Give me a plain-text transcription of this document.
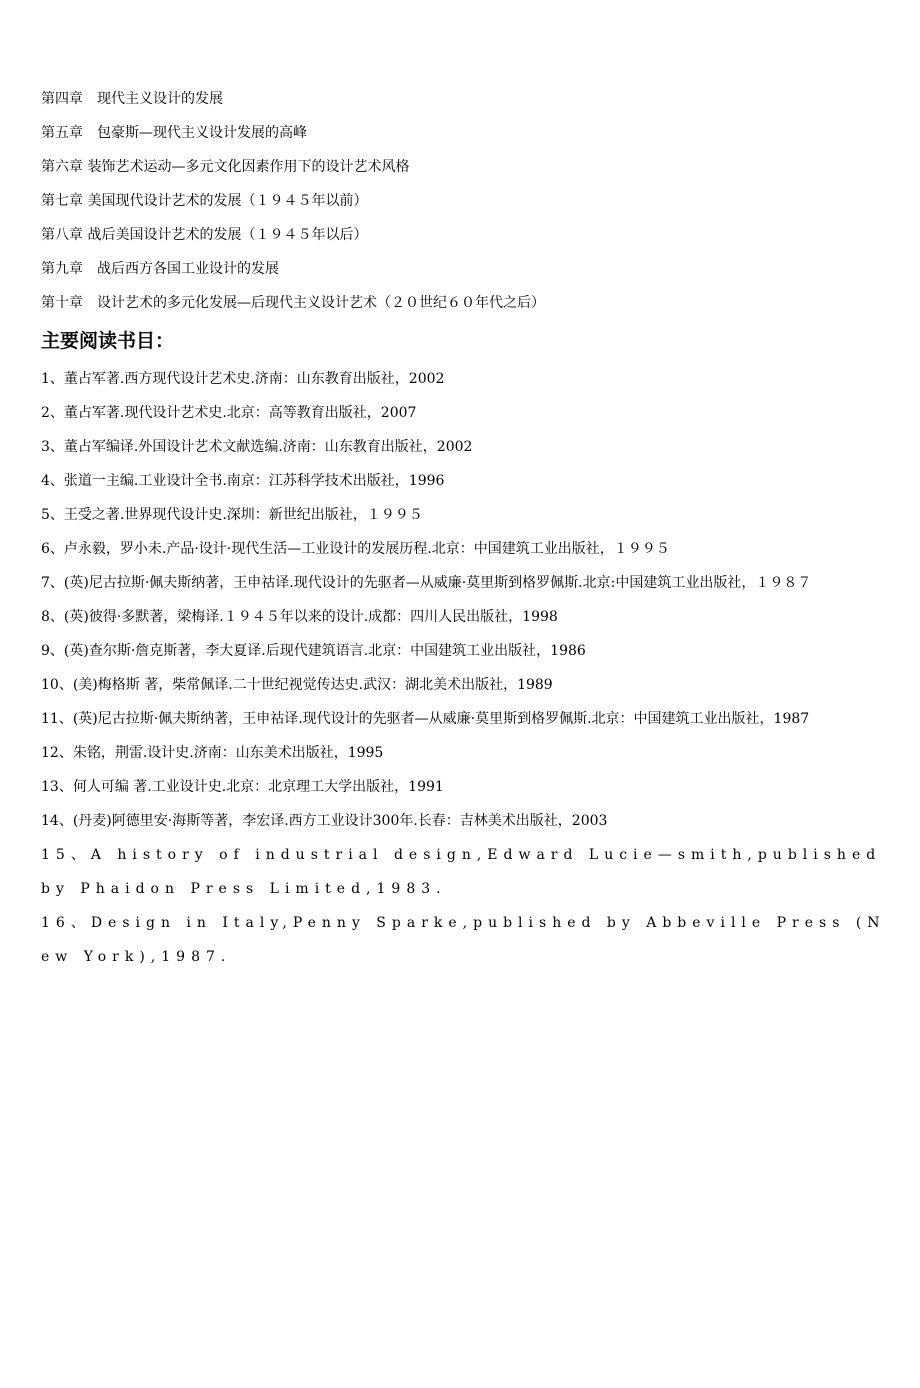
第四章　现代主义设计的发展
第五章　包豪斯—现代主义设计发展的高峰
第六章 装饰艺术运动—多元文化因素作用下的设计艺术风格
第七章 美国现代设计艺术的发展（１９４５年以前）
第八章 战后美国设计艺术的发展（１９４５年以后）
第九章　战后西方各国工业设计的发展
第十章　设计艺术的多元化发展—后现代主义设计艺术（２０世纪６０年代之后）
主要阅读书目：
1、董占军著.西方现代设计艺术史.济南：山东教育出版社，2002
2、董占军著.现代设计艺术史.北京：高等教育出版社，2007
3、董占军编译.外国设计艺术文献选编.济南：山东教育出版社，2002
4、张道一主编.工业设计全书.南京：江苏科学技术出版社，1996
5、王受之著.世界现代设计史.深圳：新世纪出版社，１９９５
6、卢永毅，罗小未.产品·设计·现代生活—工业设计的发展历程.北京：中国建筑工业出版社，１９９５
7、(英)尼古拉斯·佩夫斯纳著，王申祜译.现代设计的先驱者—从威廉·莫里斯到格罗佩斯.北京:中国建筑工业出版社，１９８７
8、(英)彼得·多默著，梁梅译.１９４５年以来的设计.成都：四川人民出版社，1998
9、(英)查尔斯·詹克斯著，李大夏译.后现代建筑语言.北京：中国建筑工业出版社，1986
10、(美)梅格斯 著，柴常佩译.二十世纪视觉传达史.武汉：湖北美术出版社，1989
11、(英)尼古拉斯·佩夫斯纳著，王申祜译.现代设计的先驱者—从威廉·莫里斯到格罗佩斯.北京：中国建筑工业出版社，1987
12、朱铭，荆雷.设计史.济南：山东美术出版社，1995
13、何人可编 著.工业设计史.北京：北京理工大学出版社，1991
14、(丹麦)阿德里安·海斯等著，李宏译.西方工业设计300年.长春：吉林美术出版社，2003
15、A history of industrial design,Edward Lucie—smith,published by Phaidon Press Limited,1983.
16、Design in Italy,Penny Sparke,published by Abbeville Press (New York),1987.
